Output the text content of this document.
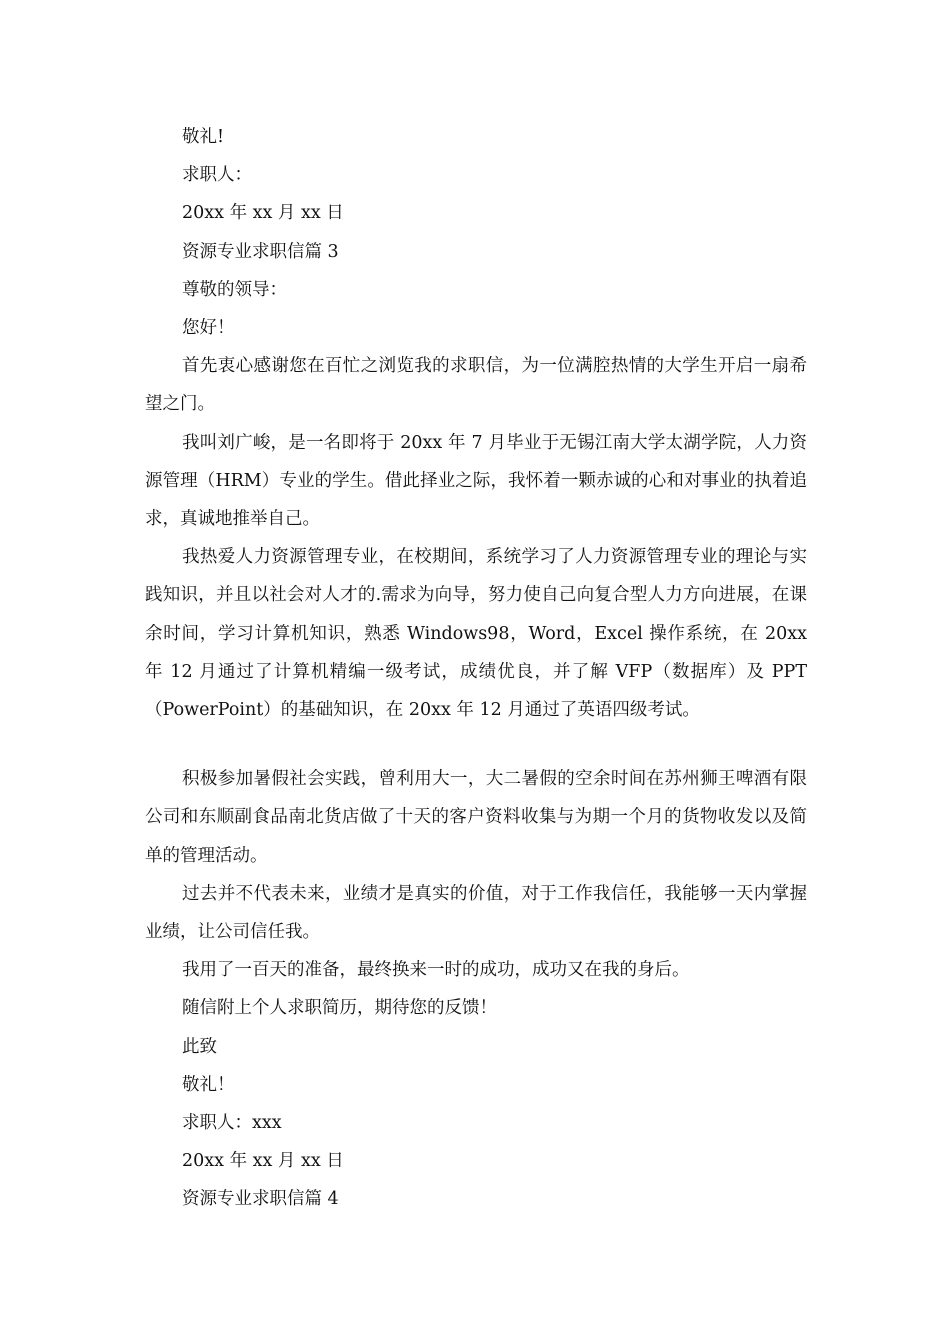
敬礼!

求职人：

20xx 年 xx 月 xx 日

资源专业求职信篇 3

尊敬的领导：

您好！

首先衷心感谢您在百忙之浏览我的求职信，为一位满腔热情的大学生开启一扇希望之门。

我叫刘广峻，是一名即将于 20xx 年 7 月毕业于无锡江南大学太湖学院，人力资源管理（HRM）专业的学生。借此择业之际，我怀着一颗赤诚的心和对事业的执着追求，真诚地推举自己。

我热爱人力资源管理专业，在校期间，系统学习了人力资源管理专业的理论与实践知识，并且以社会对人才的.需求为向导，努力使自己向复合型人力方向进展，在课余时间，学习计算机知识，熟悉 Windows98，Word，Excel 操作系统，在 20xx 年 12 月通过了计算机精编一级考试，成绩优良，并了解 VFP（数据库）及 PPT（PowerPoint）的基础知识，在 20xx 年 12 月通过了英语四级考试。

积极参加暑假社会实践，曾利用大一，大二暑假的空余时间在苏州狮王啤酒有限公司和东顺副食品南北货店做了十天的客户资料收集与为期一个月的货物收发以及简单的管理活动。

过去并不代表未来，业绩才是真实的价值，对于工作我信任，我能够一天内掌握业绩，让公司信任我。

我用了一百天的准备，最终换来一时的成功，成功又在我的身后。

随信附上个人求职简历，期待您的反馈！

此致

敬礼！

求职人：xxx

20xx 年 xx 月 xx 日

资源专业求职信篇 4
